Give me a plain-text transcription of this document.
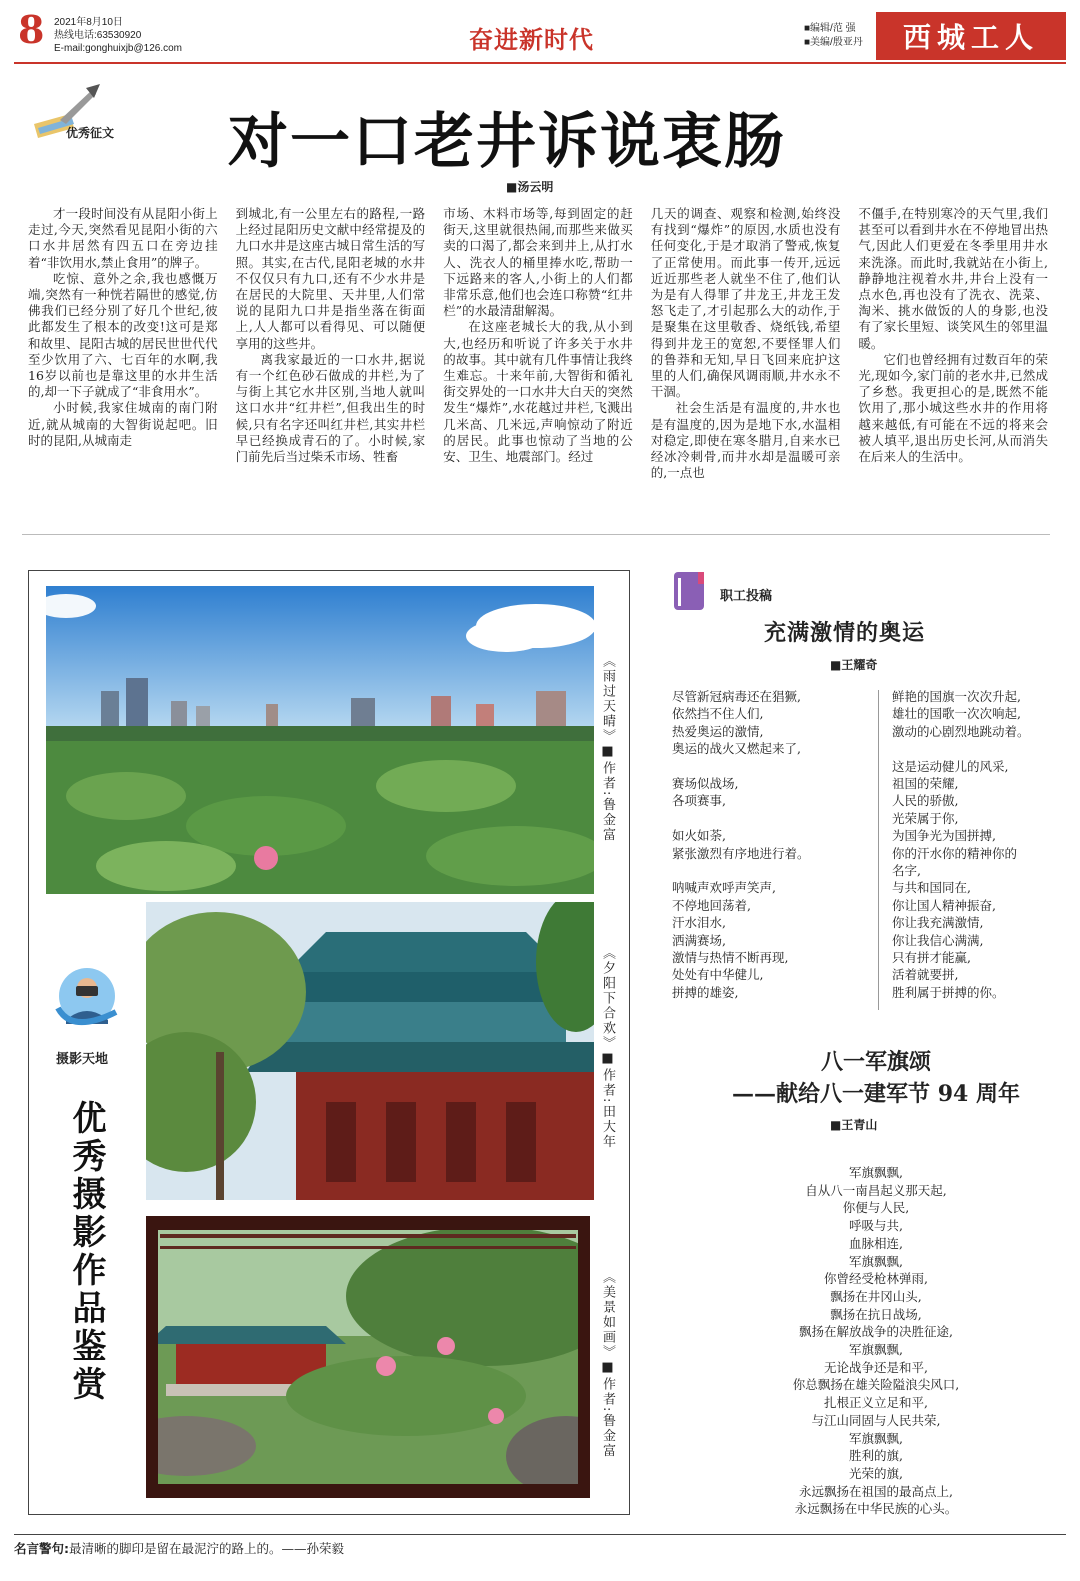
8 2021年8月10日
热线电话:63530920
E-mail:gonghuixjb@126.com	奋进新时代	■编辑/范 强
■美编/殷亚丹	西城工人
优秀征文 对一口老井诉说衷肠
■汤云明

才一段时间没有从昆阳小街上走过,今天,突然看见昆阳小街的六口水井居然有四五口在旁边挂着“非饮用水,禁止食用”的牌子。

吃惊、意外之余,我也感慨万端,突然有一种恍若隔世的感觉,仿佛我们已经分别了好几个世纪,彼此都发生了根本的改变!这可是郑和故里、昆阳古城的居民世世代代至少饮用了六、七百年的水啊,我16岁以前也是靠这里的水井生活的,却一下子就成了“非食用水”。

小时候,我家住城南的南门附近,就从城南的大智街说起吧。旧时的昆阳,从城南走

到城北,有一公里左右的路程,一路上经过昆阳历史文献中经常提及的九口水井是这座古城日常生活的写照。其实,在古代,昆阳老城的水井不仅仅只有九口,还有不少水井是在居民的大院里、天井里,人们常说的昆阳九口井是指坐落在街面上,人人都可以看得见、可以随便享用的这些井。

离我家最近的一口水井,据说有一个红色砂石做成的井栏,为了与街上其它水井区别,当地人就叫这口水井“红井栏”,但我出生的时候,只有名字还叫红井栏,其实井栏早已经换成青石的了。小时候,家门前先后当过柴禾市场、牲畜

市场、木料市场等,每到固定的赶街天,这里就很热闹,而那些来做买卖的口渴了,都会来到井上,从打水人、洗衣人的桶里捧水吃,帮助一下远路来的客人,小街上的人们都非常乐意,他们也会连口称赞“红井栏”的水最清甜解渴。

在这座老城长大的我,从小到大,也经历和听说了许多关于水井的故事。其中就有几件事情让我终生难忘。十来年前,大智街和循礼街交界处的一口水井大白天的突然发生“爆炸”,水花越过井栏,飞溅出几米高、几米远,声响惊动了附近的居民。此事也惊动了当地的公安、卫生、地震部门。经过

几天的调查、观察和检测,始终没有找到“爆炸”的原因,水质也没有任何变化,于是才取消了警戒,恢复了正常使用。而此事一传开,远远近近那些老人就坐不住了,他们认为是有人得罪了井龙王,井龙王发怒飞走了,才引起那么大的动作,于是聚集在这里敬香、烧纸钱,希望得到井龙王的宽恕,不要怪罪人们的鲁莽和无知,早日飞回来庇护这里的人们,确保风调雨顺,井水永不干涸。

社会生活是有温度的,井水也是有温度的,因为是地下水,水温相对稳定,即使在寒冬腊月,自来水已经冰冷刺骨,而井水却是温暖可亲的,一点也

不僵手,在特别寒冷的天气里,我们甚至可以看到井水在不停地冒出热气,因此人们更爱在冬季里用井水来洗涤。而此时,我就站在小街上,静静地注视着水井,井台上没有一点水色,再也没有了洗衣、洗菜、淘米、挑水做饭的人的身影,也没有了家长里短、谈笑风生的邻里温暖。

它们也曾经拥有过数百年的荣光,现如今,家门前的老水井,已然成了乡愁。我更担心的是,既然不能饮用了,那小城这些水井的作用将越来越低,有可能在不远的将来会被人填平,退出历史长河,从而消失在后来人的生活中。

《雨过天晴》■作者:鲁金富
《夕阳下合欢》■作者:田大年
《美景如画》■作者:鲁金富
摄影天地
优秀摄影作品鉴赏
职工投稿
充满激情的奥运
■王耀奇
尽管新冠病毒还在猖獗,
依然挡不住人们,
热爱奥运的激情,
奥运的战火又燃起来了,
赛场似战场,
各项赛事,
如火如荼,
紧张激烈有序地进行着。
呐喊声欢呼声笑声,
不停地回荡着,
汗水泪水,
洒满赛场,
激情与热情不断再现,
处处有中华健儿,
拼搏的雄姿,
鲜艳的国旗一次次升起,
雄壮的国歌一次次响起,
激动的心剧烈地跳动着。
这是运动健儿的风采,
祖国的荣耀,
人民的骄傲,
光荣属于你,
为国争光为国拼搏,
你的汗水你的精神你的
名字,
与共和国同在,
你让国人精神振奋,
你让我充满激情,
你让我信心满满,
只有拼才能赢,
活着就要拼,
胜利属于拼搏的你。
八一军旗颂
——献给八一建军节 94 周年
■王青山
军旗飘飘,
自从八一南昌起义那天起,
你便与人民,
呼吸与共,
血脉相连,
军旗飘飘,
你曾经受枪林弹雨,
飘扬在井冈山头,
飘扬在抗日战场,
飘扬在解放战争的决胜征途,
军旗飘飘,
无论战争还是和平,
你总飘扬在雄关险隘浪尖风口,
扎根正义立足和平,
与江山同固与人民共荣,
军旗飘飘,
胜利的旗,
光荣的旗,
永远飘扬在祖国的最高点上,
永远飘扬在中华民族的心头。
名言警句:最清晰的脚印是留在最泥泞的路上的。——孙荣毅
